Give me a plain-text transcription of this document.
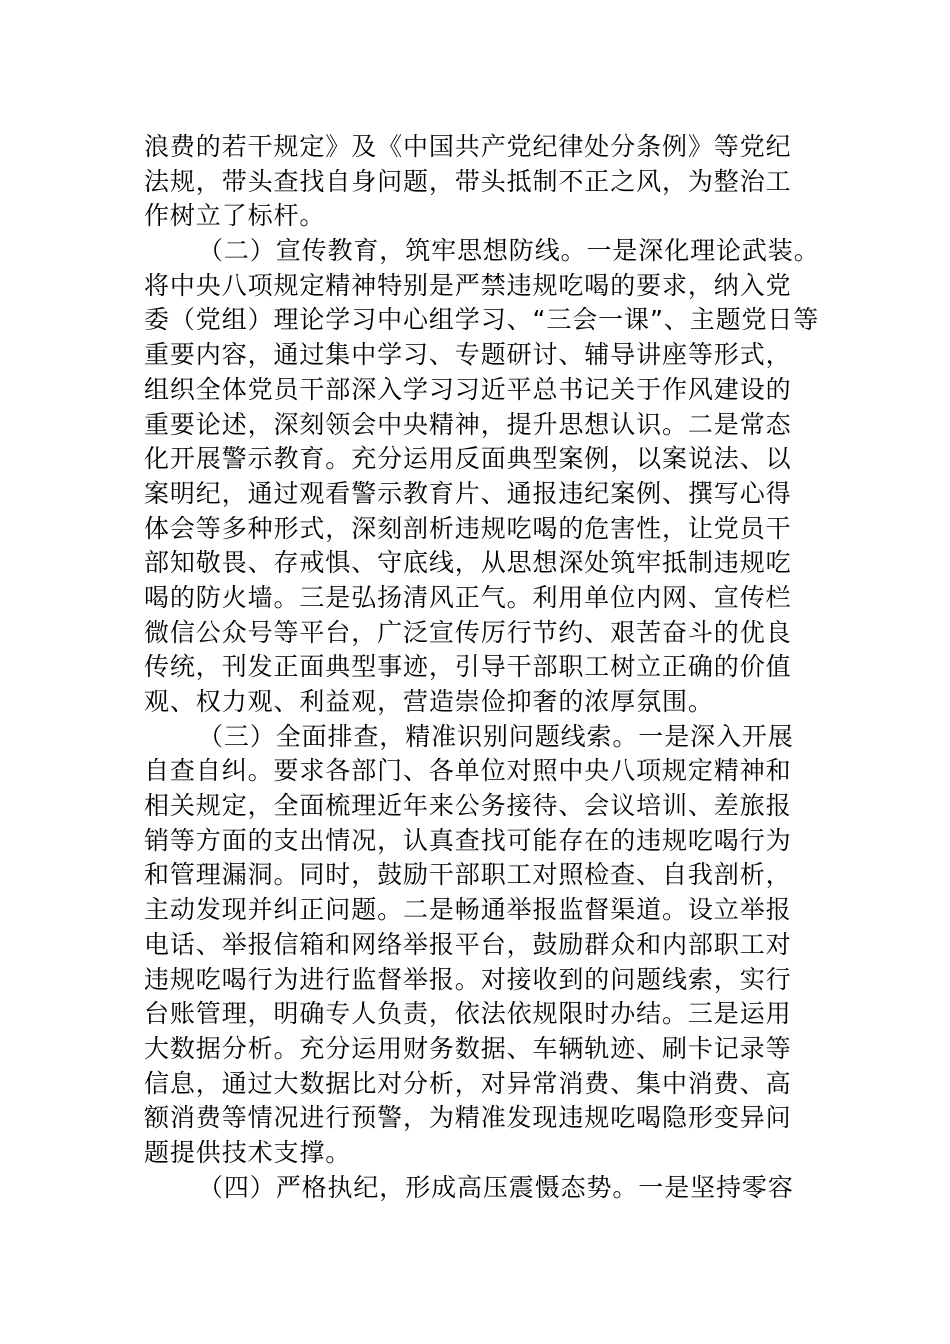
浪费的若干规定》及《中国共产党纪律处分条例》等党纪
法规，带头查找自身问题，带头抵制不正之风，为整治工
作树立了标杆。
（二）宣传教育，筑牢思想防线。一是深化理论武装。
将中央八项规定精神特别是严禁违规吃喝的要求，纳入党
委（党组）理论学习中心组学习、“三会一课”、主题党日等
重要内容，通过集中学习、专题研讨、辅导讲座等形式，
组织全体党员干部深入学习习近平总书记关于作风建设的
重要论述，深刻领会中央精神，提升思想认识。二是常态
化开展警示教育。充分运用反面典型案例，以案说法、以
案明纪，通过观看警示教育片、通报违纪案例、撰写心得
体会等多种形式，深刻剖析违规吃喝的危害性，让党员干
部知敬畏、存戒惧、守底线，从思想深处筑牢抵制违规吃
喝的防火墙。三是弘扬清风正气。利用单位内网、宣传栏
微信公众号等平台，广泛宣传厉行节约、艰苦奋斗的优良
传统，刊发正面典型事迹，引导干部职工树立正确的价值
观、权力观、利益观，营造崇俭抑奢的浓厚氛围。
（三）全面排查，精准识别问题线索。一是深入开展
自查自纠。要求各部门、各单位对照中央八项规定精神和
相关规定，全面梳理近年来公务接待、会议培训、差旅报
销等方面的支出情况，认真查找可能存在的违规吃喝行为
和管理漏洞。同时，鼓励干部职工对照检查、自我剖析，
主动发现并纠正问题。二是畅通举报监督渠道。设立举报
电话、举报信箱和网络举报平台，鼓励群众和内部职工对
违规吃喝行为进行监督举报。对接收到的问题线索，实行
台账管理，明确专人负责，依法依规限时办结。三是运用
大数据分析。充分运用财务数据、车辆轨迹、刷卡记录等
信息，通过大数据比对分析，对异常消费、集中消费、高
额消费等情况进行预警，为精准发现违规吃喝隐形变异问
题提供技术支撑。
（四）严格执纪，形成高压震慑态势。一是坚持零容
